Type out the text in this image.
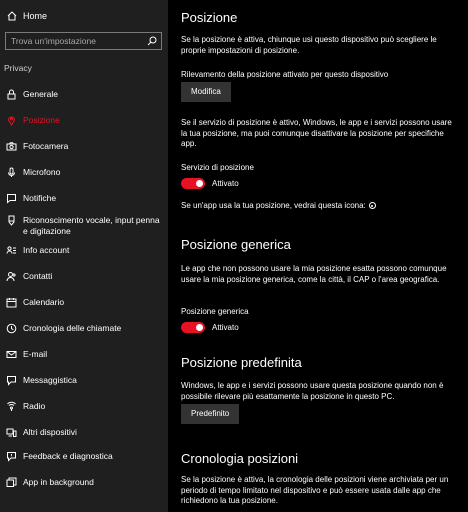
Home
Trova un'impostazione
Privacy
Generale
Posizione
Fotocamera
Microfono
Notifiche
Riconoscimento vocale, input penna e digitazione
Info account
Contatti
Calendario
Cronologia delle chiamate
E-mail
Messaggistica
Radio
Altri dispositivi
Feedback e diagnostica
App in background
Posizione
Se la posizione è attiva, chiunque usi questo dispositivo può scegliere le proprie impostazioni di posizione.
Rilevamento della posizione attivato per questo dispositivo
Modifica
Se il servizio di posizione è attivo, Windows, le app e i servizi possono usare la tua posizione, ma puoi comunque disattivare la posizione per specifiche app.
Servizio di posizione
Attivato
Se un'app usa la tua posizione, vedrai questa icona:
Posizione generica
Le app che non possono usare la mia posizione esatta possono comunque usare la mia posizione generica, come la città, il CAP o l'area geografica.
Posizione generica
Attivato
Posizione predefinita
Windows, le app e i servizi possono usare questa posizione quando non è possibile rilevare più esattamente la posizione in questo PC.
Predefinito
Cronologia posizioni
Se la posizione è attiva, la cronologia delle posizioni viene archiviata per un periodo di tempo limitato nel dispositivo e può essere usata dalle app che richiedono la tua posizione.
